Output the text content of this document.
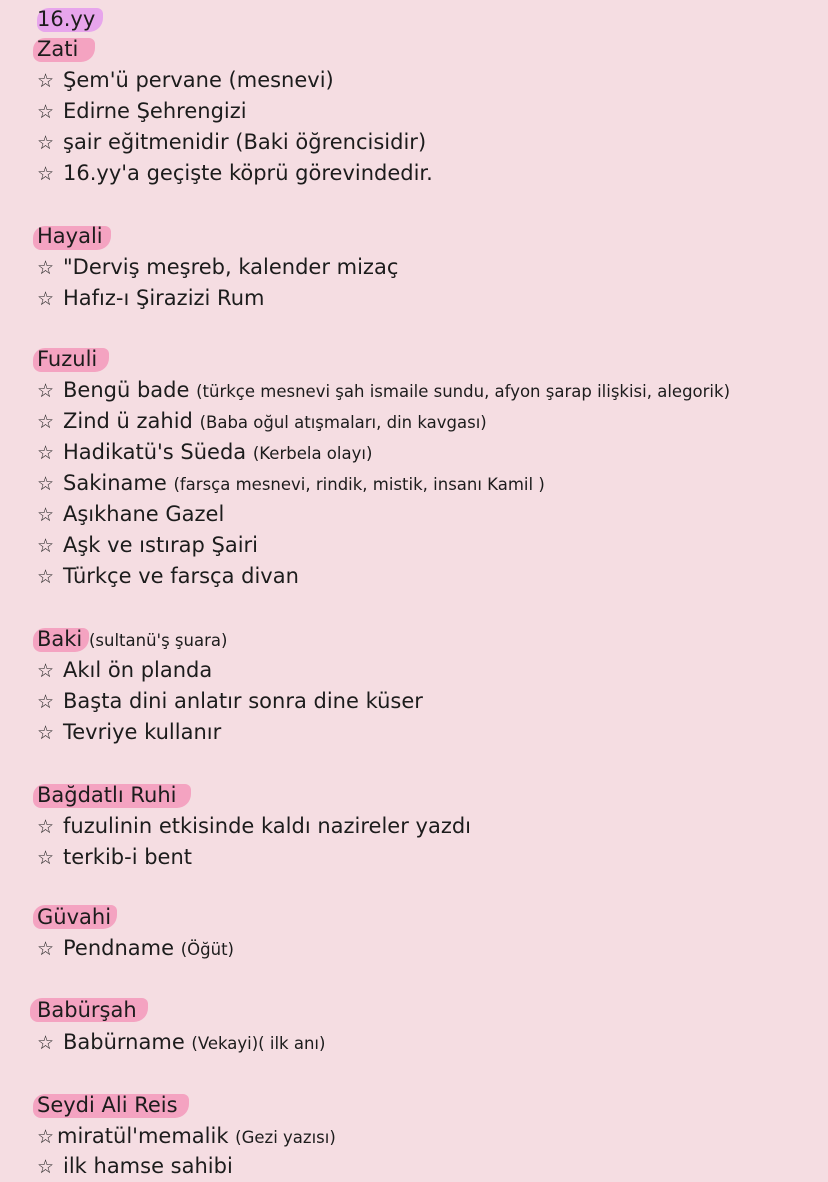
16.yy
Zati
☆ Şem'ü pervane (mesnevi)
☆ Edirne Şehrengizi
☆ şair eğitmenidir (Baki öğrencisidir)
☆ 16.yy'a geçişte köprü görevindedir.
Hayali
☆ "Derviş meşreb, kalender mizaç
☆ Hafız-ı Şirazizi Rum
Fuzuli
☆ Bengü bade (türkçe mesnevi şah ismaile sundu, afyon şarap ilişkisi, alegorik)
☆ Zind ü zahid (Baba oğul atışmaları, din kavgası)
☆ Hadikatü's Süeda (Kerbela olayı)
☆ Sakiname (farsça mesnevi, rindik, mistik, insanı Kamil )
☆ Aşıkhane Gazel
☆ Aşk ve ıstırap Şairi
☆ Türkçe ve farsça divan
Baki (sultanü'ş şuara)
☆ Akıl ön planda
☆ Başta dini anlatır sonra dine küser
☆ Tevriye kullanır
Bağdatlı Ruhi
☆ fuzulinin etkisinde kaldı nazireler yazdı
☆ terkib-i bent
Güvahi
☆ Pendname (Öğüt)
Babürşah
☆ Babürname (Vekayi)( ilk anı)
Seydi Ali Reis
☆ miratül'memalik (Gezi yazısı)
☆ ilk hamse sahibi
